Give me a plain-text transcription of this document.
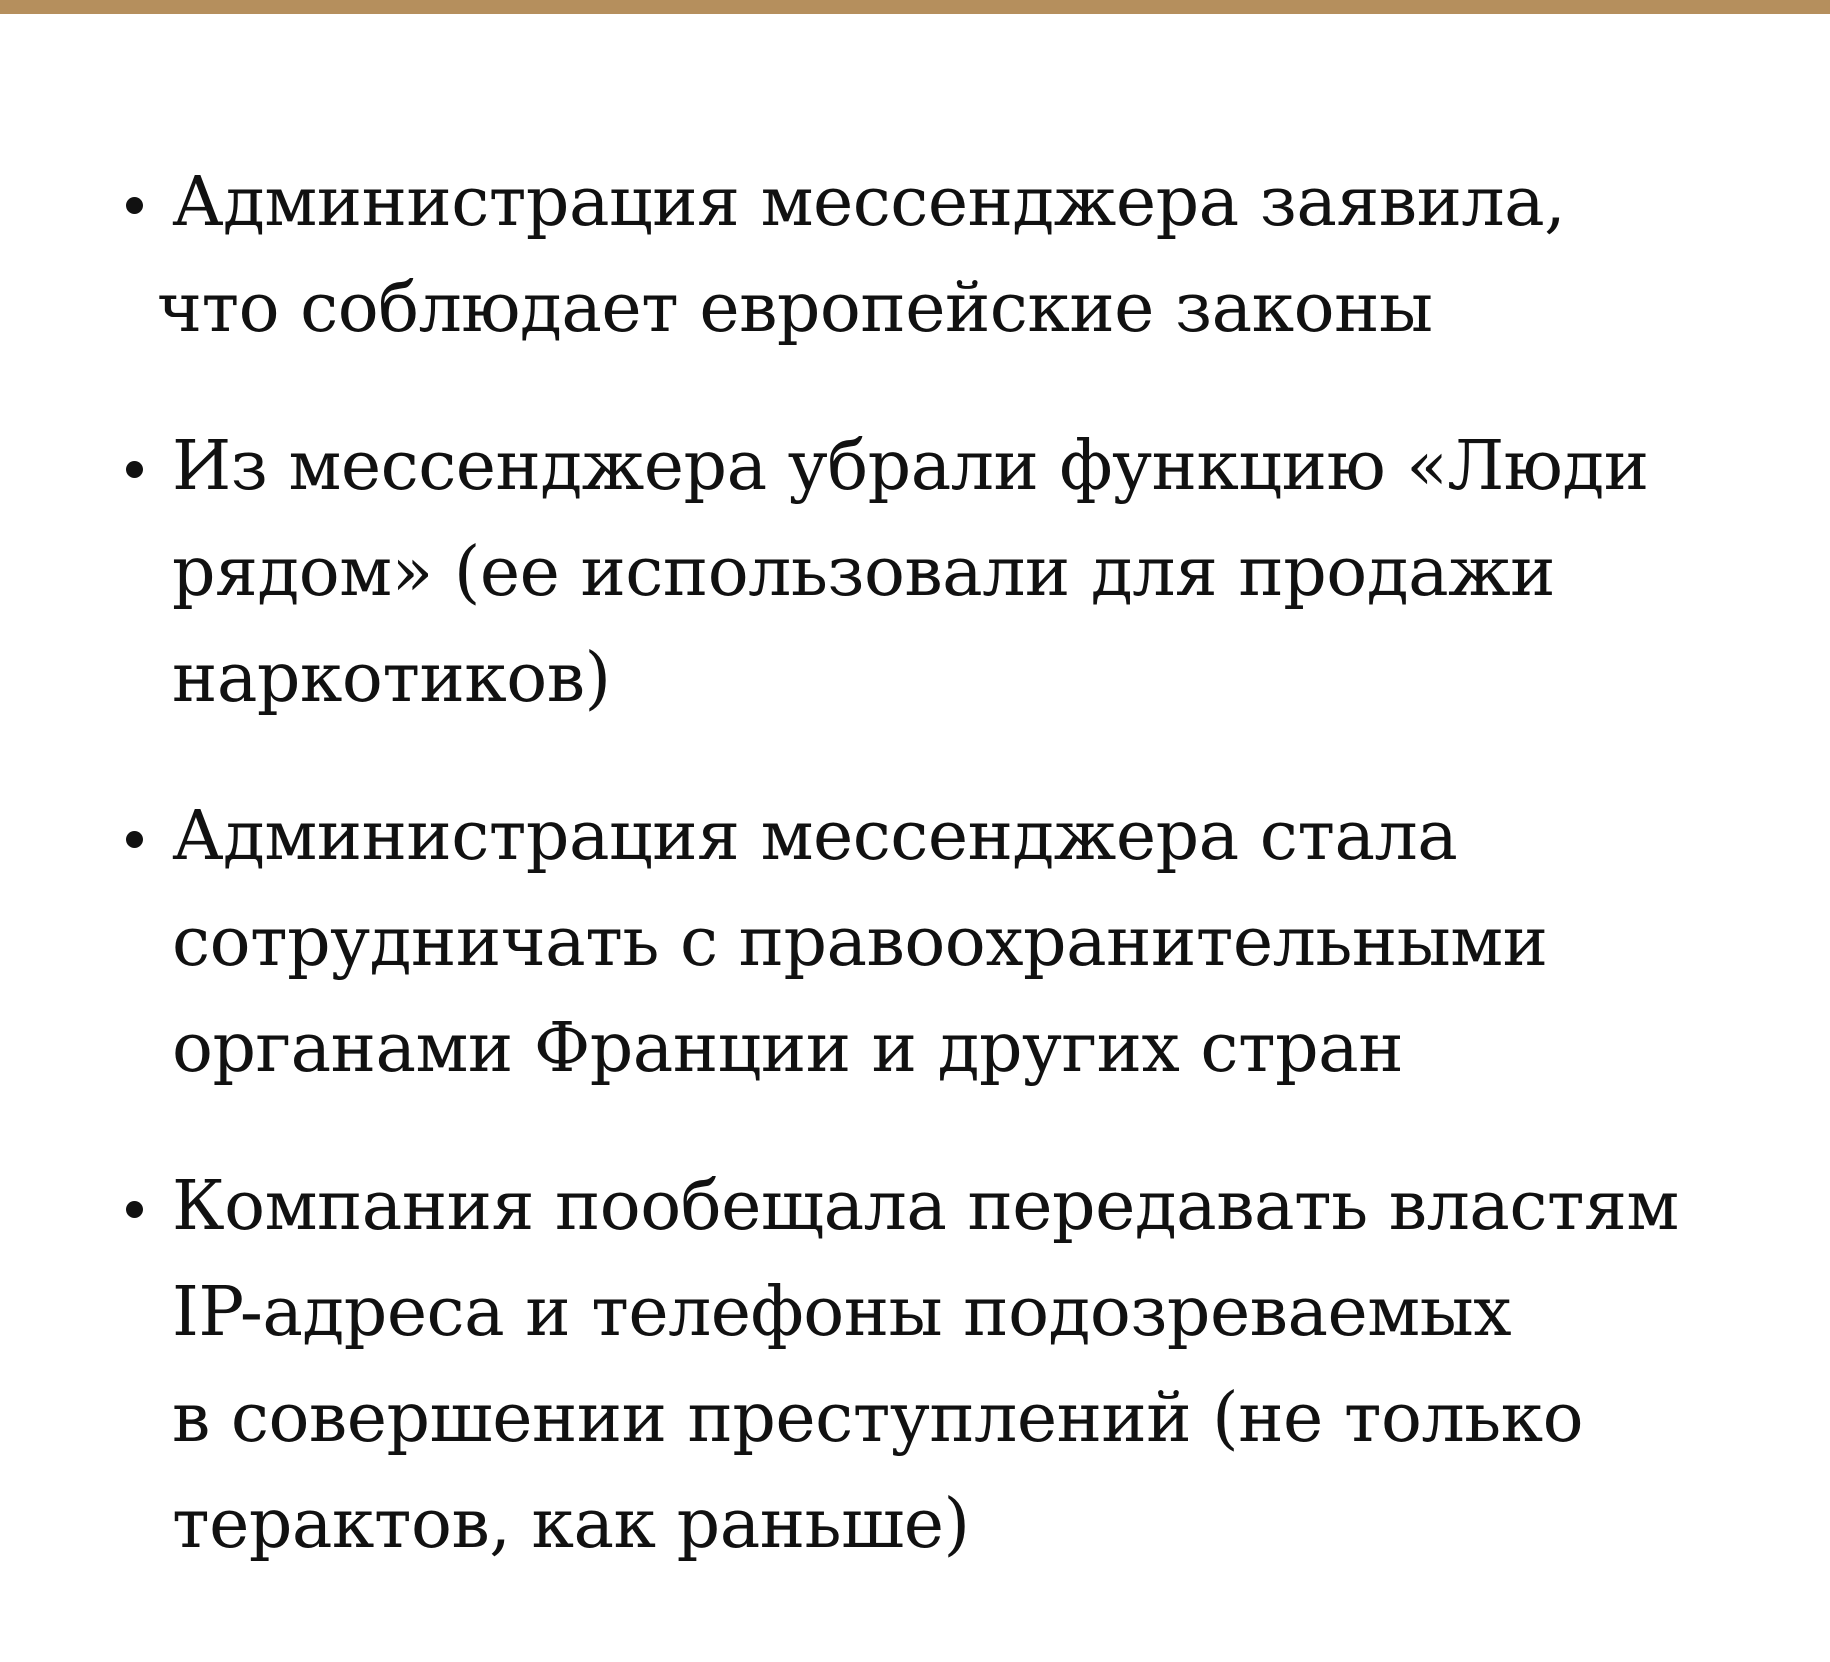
Администрация мессенджера заявила,
что соблюдает европейские законы
Из мессенджера убрали функцию «Люди
рядом» (ее использовали для продажи
наркотиков)
Администрация мессенджера стала
сотрудничать с правоохранительными
органами Франции и других стран
Компания пообещала передавать властям
IP-адреса и телефоны подозреваемых
в совершении преступлений (не только
терактов, как раньше)
